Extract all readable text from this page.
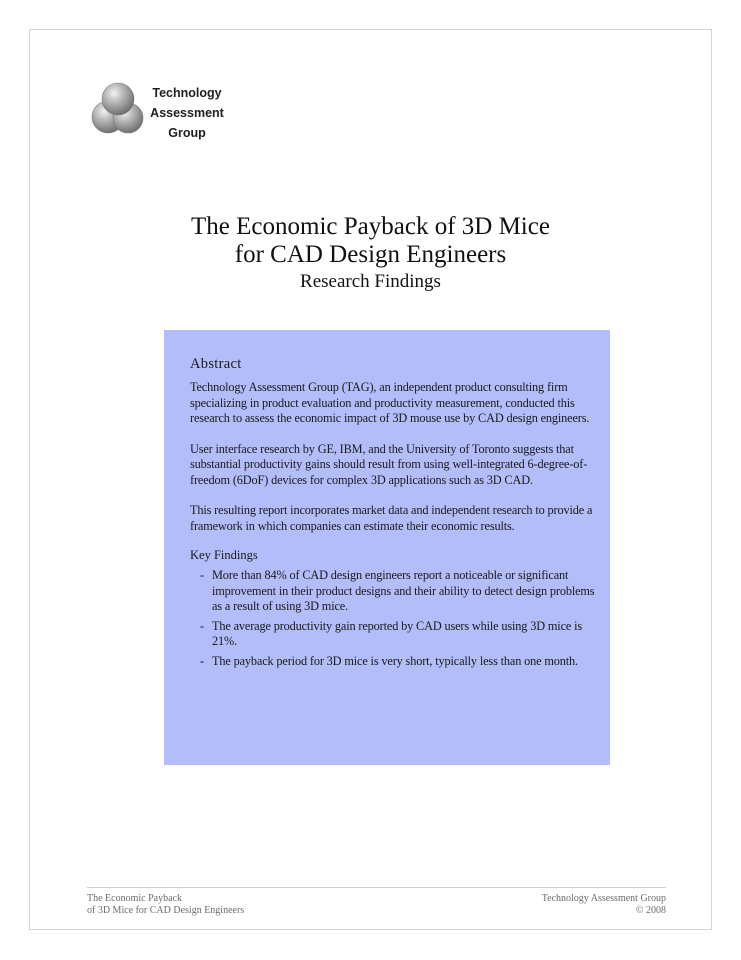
Technology
Assessment
Group
The Economic Payback of 3D Mice
for CAD Design Engineers
Research Findings
Abstract

Technology Assessment Group (TAG), an independent product consulting firm specializing in product evaluation and productivity measurement, conducted this research to assess the economic impact of 3D mouse use by CAD design engineers.

User interface research by GE, IBM, and the University of Toronto suggests that substantial productivity gains should result from using well-integrated 6-degree-of-freedom (6DoF) devices for complex 3D applications such as 3D CAD.

This resulting report incorporates market data and independent research to provide a framework in which companies can estimate their economic results.

Key Findings
- More than 84% of CAD design engineers report a noticeable or significant improvement in their product designs and their ability to detect design problems as a result of using 3D mice.
- The average productivity gain reported by CAD users while using 3D mice is 21%.
- The payback period for 3D mice is very short, typically less than one month.
The Economic Payback
of 3D Mice for CAD Design Engineers
Technology Assessment Group
© 2008
